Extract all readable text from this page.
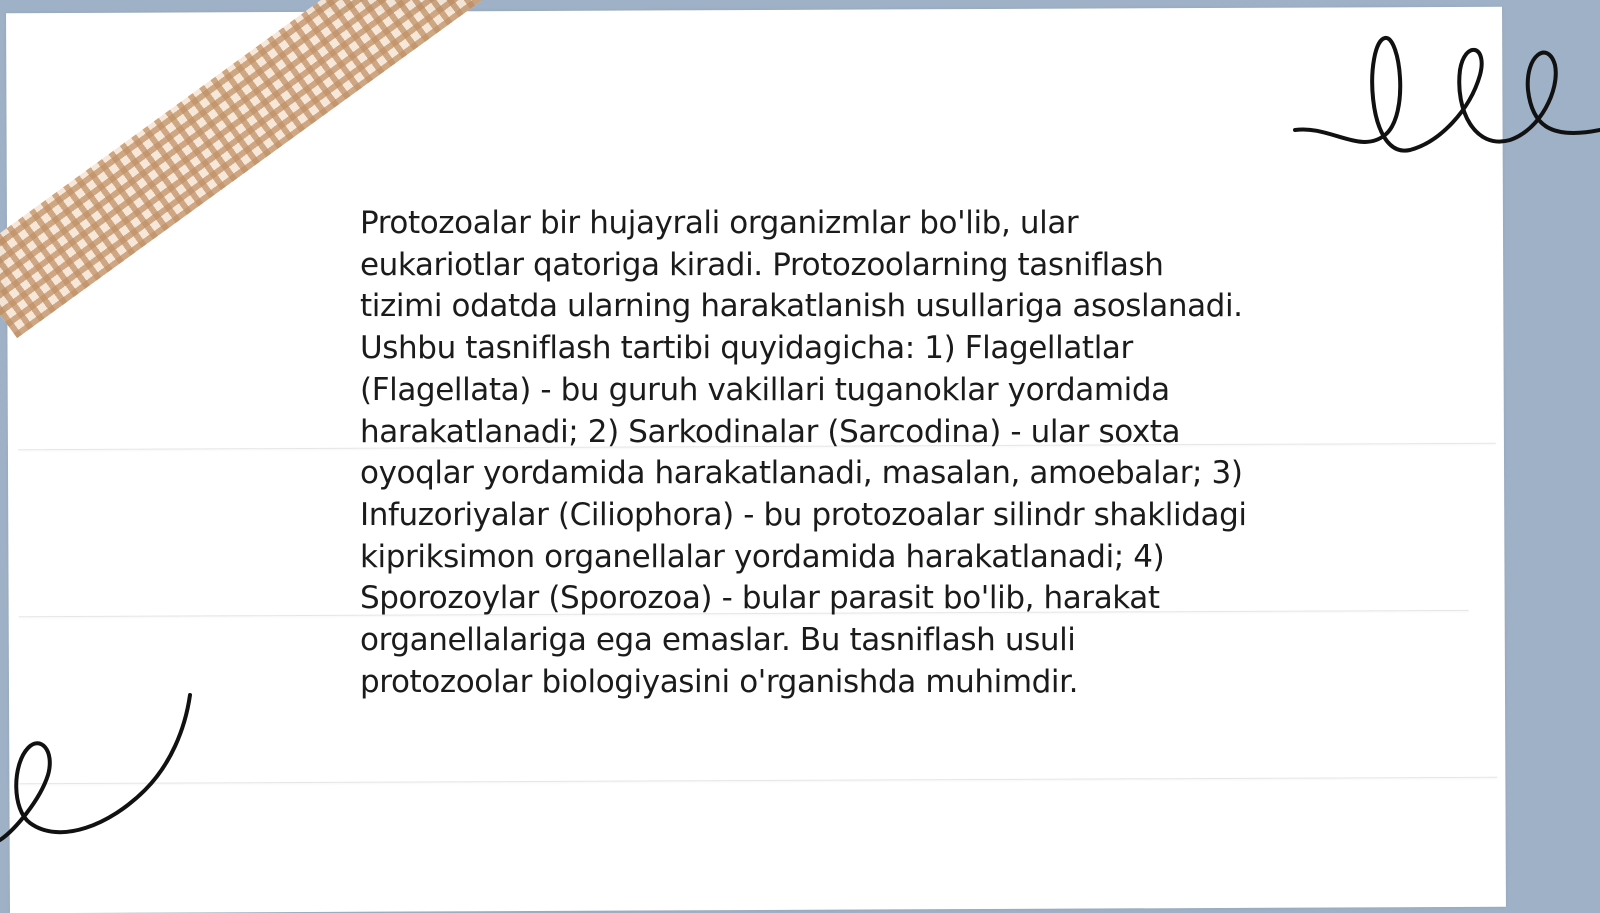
Protozoalar bir hujayrali organizmlar bo'lib, ular eukariotlar qatoriga kiradi. Protozoolarning tasniflash tizimi odatda ularning harakatlanish usullariga asoslanadi. Ushbu tasniflash tartibi quyidagicha: 1) Flagellatlar (Flagellata) - bu guruh vakillari tuganoklar yordamida harakatlanadi; 2) Sarkodinalar (Sarcodina) - ular soxta oyoqlar yordamida harakatlanadi, masalan, amoebalar; 3) Infuzoriyalar (Ciliophora) - bu protozoalar silindr shaklidagi kipriksimon organellalar yordamida harakatlanadi; 4) Sporozoylar (Sporozoa) - bular parasit bo'lib, harakat organellalariga ega emaslar. Bu tasniflash usuli protozoolar biologiyasini o'rganishda muhimdir.
